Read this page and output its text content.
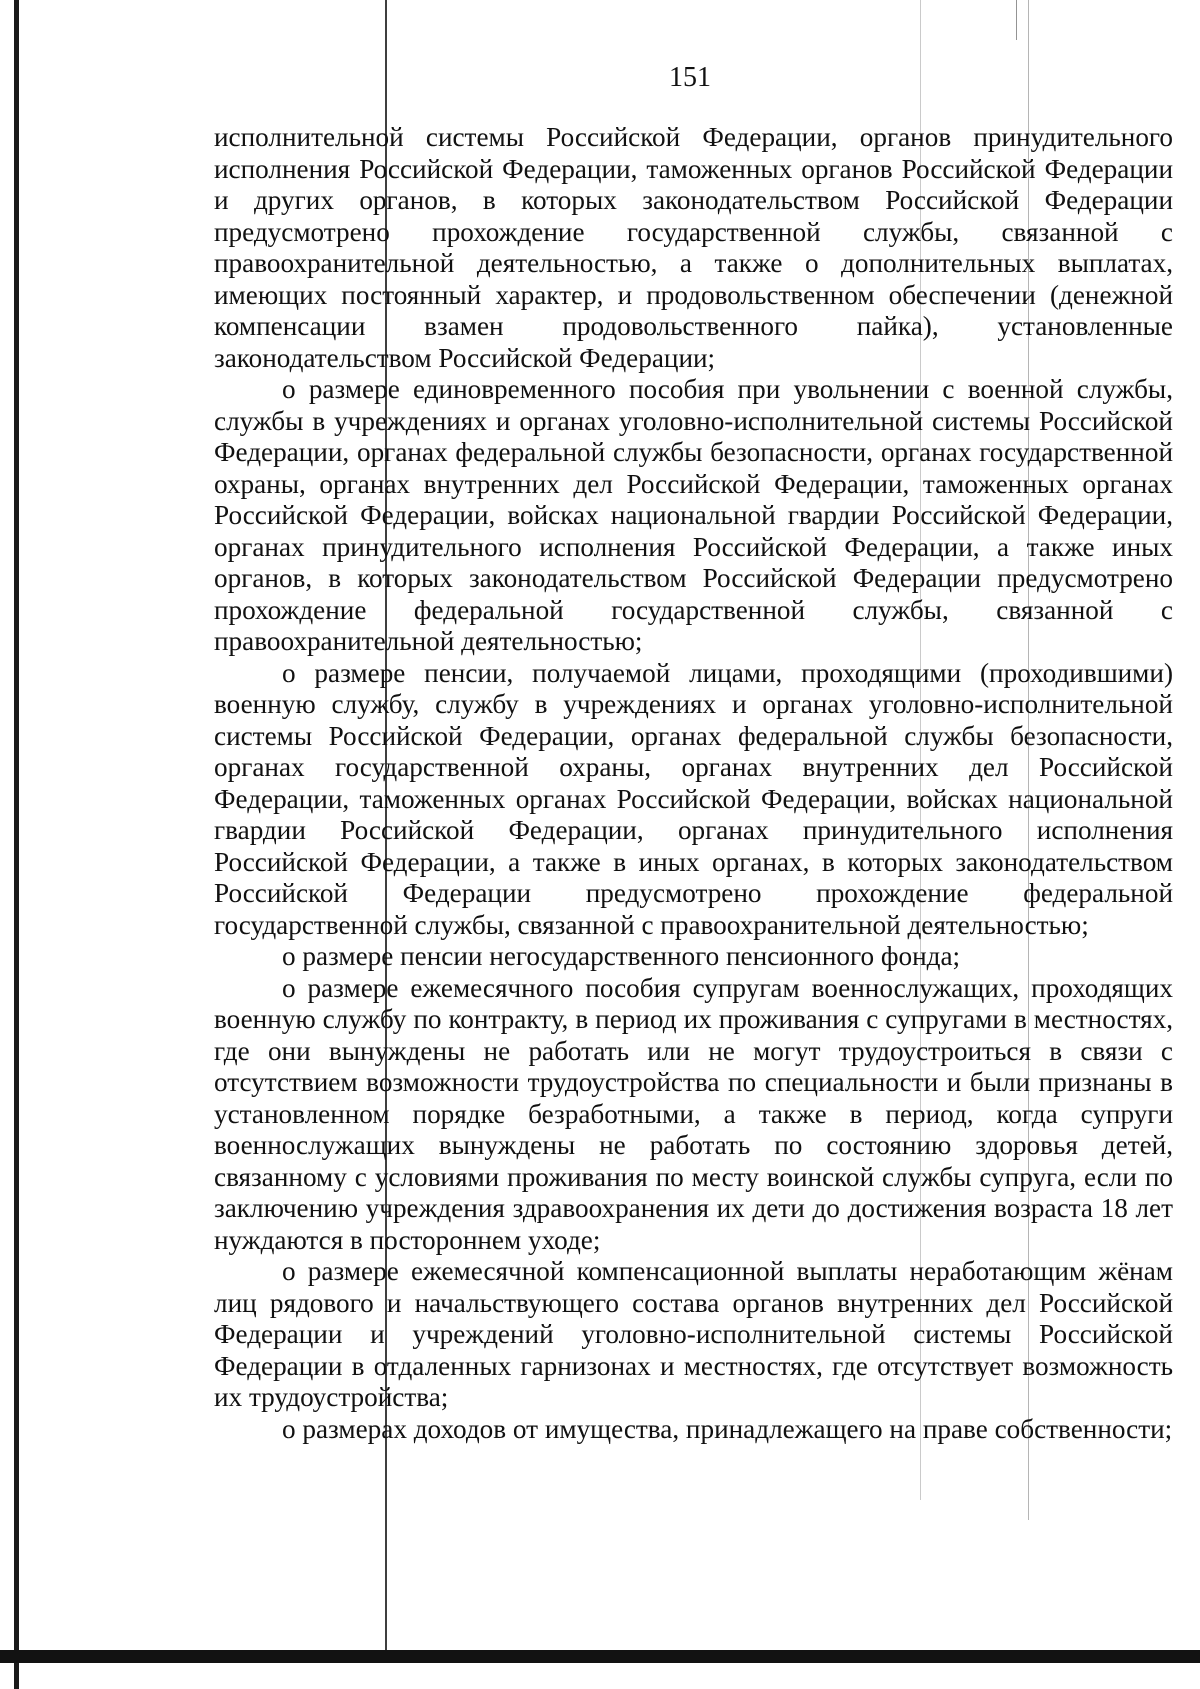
151

исполнительной системы Российской Федерации, органов принудительного исполнения Российской Федерации, таможенных органов Российской Федерации и других органов, в которых законодательством Российской Федерации предусмотрено прохождение государственной службы, связанной с правоохранительной деятельностью, а также о дополнительных выплатах, имеющих постоянный характер, и продовольственном обеспечении (денежной компенсации взамен продовольственного пайка), установленные законодательством Российской Федерации;

о размере единовременного пособия при увольнении с военной службы, службы в учреждениях и органах уголовно-исполнительной системы Российской Федерации, органах федеральной службы безопасности, органах государственной охраны, органах внутренних дел Российской Федерации, таможенных органах Российской Федерации, войсках национальной гвардии Российской Федерации, органах принудительного исполнения Российской Федерации, а также иных органов, в которых законодательством Российской Федерации предусмотрено прохождение федеральной государственной службы, связанной с правоохранительной деятельностью;

о размере пенсии, получаемой лицами, проходящими (проходившими) военную службу, службу в учреждениях и органах уголовно-исполнительной системы Российской Федерации, органах федеральной службы безопасности, органах государственной охраны, органах внутренних дел Российской Федерации, таможенных органах Российской Федерации, войсках национальной гвардии Российской Федерации, органах принудительного исполнения Российской Федерации, а также в иных органах, в которых законодательством Российской Федерации предусмотрено прохождение федеральной государственной службы, связанной с правоохранительной деятельностью;

о размере пенсии негосударственного пенсионного фонда;

о размере ежемесячного пособия супругам военнослужащих, проходящих военную службу по контракту, в период их проживания с супругами в местностях, где они вынуждены не работать или не могут трудоустроиться в связи с отсутствием возможности трудоустройства по специальности и были признаны в установленном порядке безработными, а также в период, когда супруги военнослужащих вынуждены не работать по состоянию здоровья детей, связанному с условиями проживания по месту воинской службы супруга, если по заключению учреждения здравоохранения их дети до достижения возраста 18 лет нуждаются в постороннем уходе;

о размере ежемесячной компенсационной выплаты неработающим жёнам лиц рядового и начальствующего состава органов внутренних дел Российской Федерации и учреждений уголовно-исполнительной системы Российской Федерации в отдаленных гарнизонах и местностях, где отсутствует возможность их трудоустройства;

о размерах доходов от имущества, принадлежащего на праве собственности;
